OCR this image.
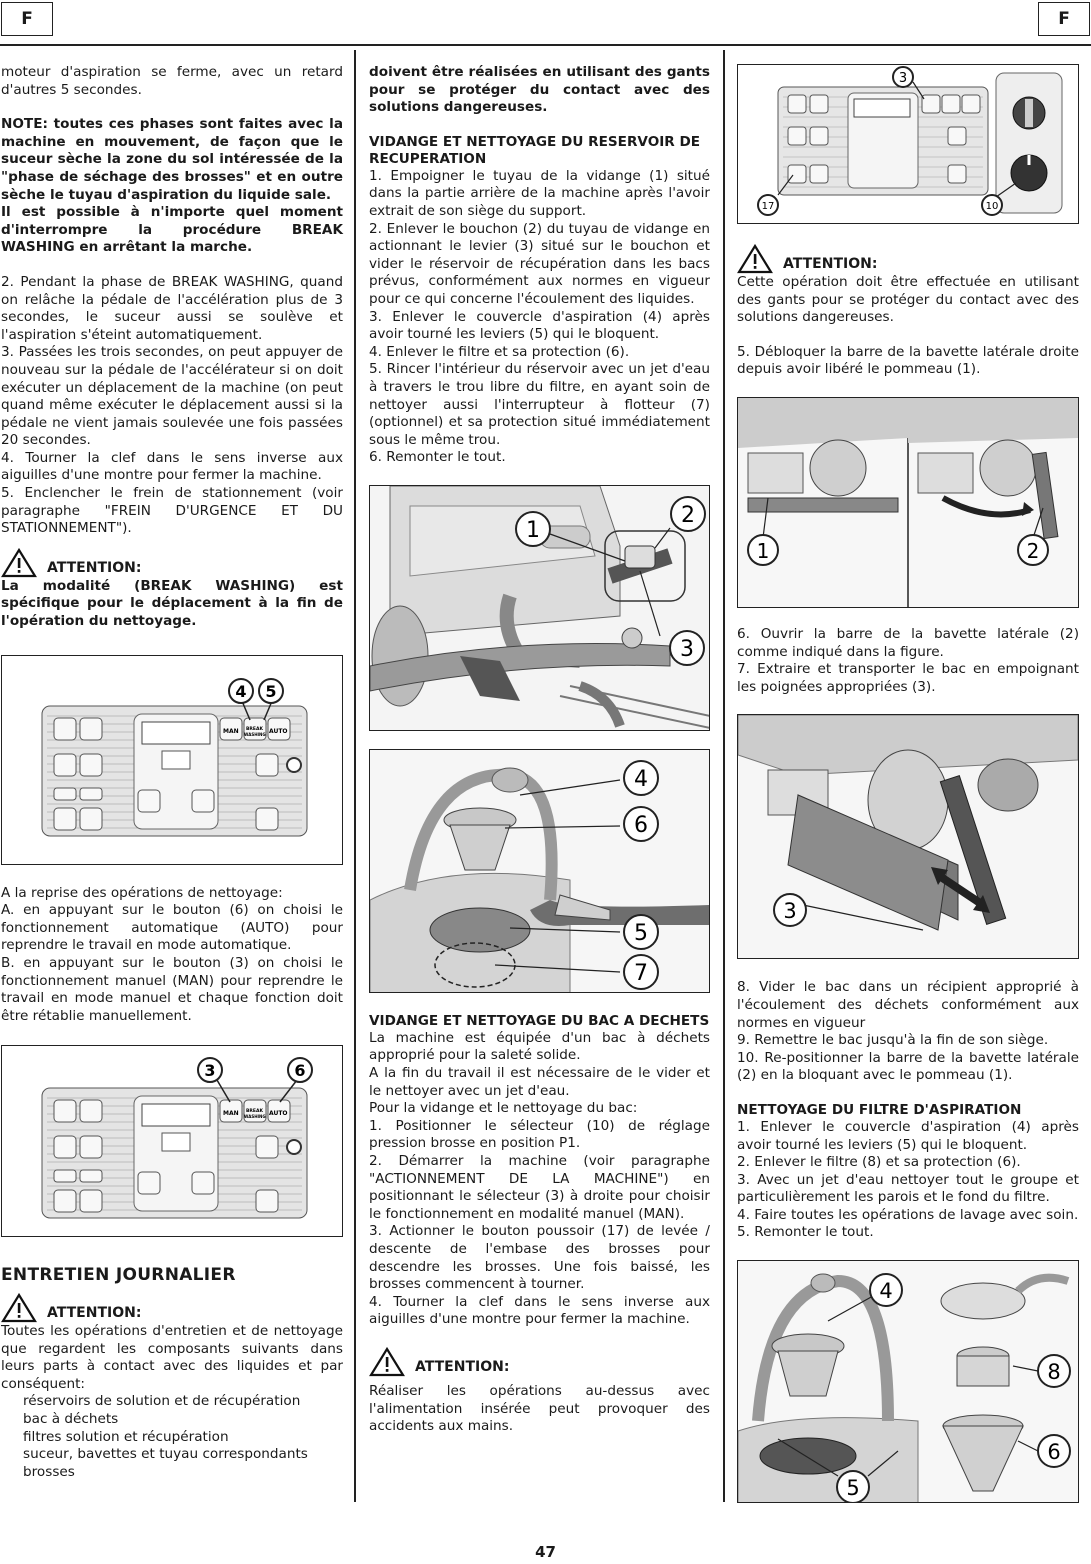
F	F

moteur d'aspiration se ferme, avec un retard d'autres 5 secondes.

NOTE: toutes ces phases sont faites avec la machine en mouvement, de façon que le suceur sèche la zone du sol intéressée de la "phase de séchage des brosses" et en outre sèche le tuyau d'aspiration du liquide sale.

Il est possible à n'importe quel moment d'interrompre la procédure BREAK WASHING en arrêtant la marche.

2. Pendant la phase de BREAK WASHING, quand on relâche la pédale de l'accélération plus de 3 secondes, le suceur aussi se soulève et l'aspiration s'éteint automatiquement.

3. Passées les trois secondes, on peut appuyer de nouveau sur la pédale de l'accélérateur si on doit exécuter un déplacement de la machine (on peut quand même exécuter le déplacement aussi si la pédale ne vient jamais soulevée une fois passées 20 secondes.

4. Tourner la clef dans le sens inverse aux aiguilles d'une montre pour fermer la machine.

5. Enclencher le frein de stationnement (voir paragraphe "FREIN D'URGENCE ET DU STATIONNEMENT").

ATTENTION:

La modalité (BREAK WASHING) est spécifique pour le déplacement à la fin de l'opération du nettoyage.

MAN BREAK
WASHING AUTO
4 5

A la reprise des opérations de nettoyage:

A. en appuyant sur le bouton (6) on choisi le fonctionnement automatique (AUTO) pour reprendre le travail en mode automatique.

B. en appuyant sur le bouton (3) on choisi le fonctionnement manuel (MAN) pour reprendre le travail en mode manuel et chaque fonction doit être rétablie manuellement.

MAN BREAK
WASHING AUTO
3	6
ENTRETIEN JOURNALIER
ATTENTION:

Toutes les opérations d'entretien et de nettoyage que regardent les composants suivants dans leurs parts à contact avec des liquides et par conséquent:

réservoirs de solution et de récupération
bac à déchets
filtres solution et récupération
suceur, bavettes et tuyau correspondants
brosses

doivent être réalisées en utilisant des gants pour se protéger du contact avec des solutions dangereuses.

VIDANGE ET NETTOYAGE DU RESERVOIR DE RECUPERATION

1. Empoigner le tuyau de la vidange (1) situé dans la partie arrière de la machine après l'avoir extrait de son siège du support.

2. Enlever le bouchon (2) du tuyau de vidange en actionnant le levier (3) situé sur le bouchon et vider le réservoir de récupération dans les bacs prévus, conformément aux normes en vigueur pour ce qui concerne l'écoulement des liquides.

3. Enlever le couvercle d'aspiration (4) après avoir tourné les leviers (5) qui le bloquent.

4. Enlever le filtre et sa protection (6).

5. Rincer l'intérieur du réservoir avec un jet d'eau à travers le trou libre du filtre, en ayant soin de nettoyer aussi l'interrupteur à flotteur (7) (optionnel) et sa protection situé immédiatement sous le même trou.

6. Remonter le tout.

1
2
3
4
6
5
7
VIDANGE ET NETTOYAGE DU BAC A DECHETS

La machine est équipée d'un bac à déchets approprié pour la saleté solide.

A la fin du travail il est nécessaire de le vider et le nettoyer avec un jet d'eau.

Pour la vidange et le nettoyage du bac:

1. Positionner le sélecteur (10) de réglage pression brosse en position P1.

2. Démarrer la machine (voir paragraphe "ACTIONNEMENT DE LA MACHINE") en positionnant le sélecteur (3) à droite pour choisir le fonctionnement en modalité manuel (MAN).

3. Actionner le bouton poussoir (17) de levée / descente de l'embase des brosses pour descendre les brosses. Une fois baissé, les brosses commencent à tourner.

4. Tourner la clef dans le sens inverse aux aiguilles d'une montre pour fermer la machine.

ATTENTION:

Réaliser les opérations au-dessus avec l'alimentation insérée peut provoquer des accidents aux mains.

3
17	10
ATTENTION:

Cette opération doit être effectuée en utilisant des gants pour se protéger du contact avec des solutions dangereuses.

5. Débloquer la barre de la bavette latérale droite depuis avoir libéré le pommeau (1).

1	2

6. Ouvrir la barre de la bavette latérale (2) comme indiqué dans la figure.

7. Extraire et transporter le bac en empoignant les poignées appropriées (3).

3

8. Vider le bac dans un récipient approprié à l'écoulement des déchets conformément aux normes en vigueur

9. Remettre le bac jusqu'à la fin de son siège.

10. Re-positionner la barre de la bavette latérale (2) en la bloquant avec le pommeau (1).

NETTOYAGE DU FILTRE D'ASPIRATION

1. Enlever le couvercle d'aspiration (4) après avoir tourné les leviers (5) qui le bloquent.

2. Enlever le filtre (8) et sa protection (6).

3. Avec un jet d'eau nettoyer tout le groupe et particulièrement les parois et le fond du filtre.

4. Faire toutes les opérations de lavage avec soin.

5. Remonter le tout.

4
8
6
5
47
